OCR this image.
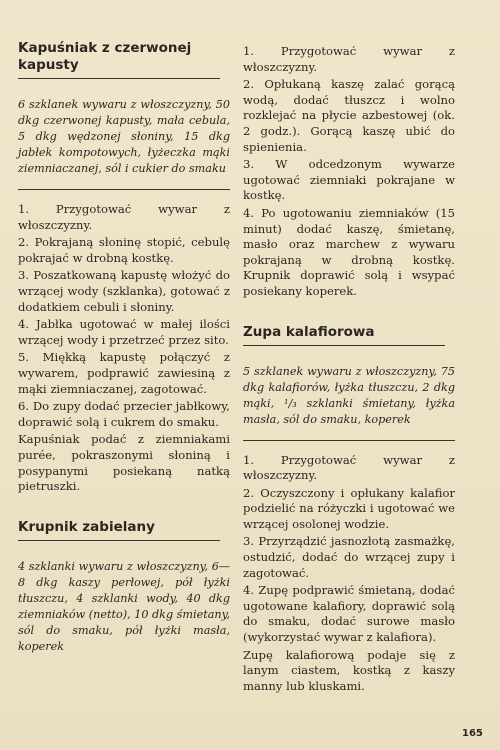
Kapuśniak z czerwonej kapusty

6 szklanek wywaru z włoszczyzny, 50 dkg czerwonej kapusty, mała cebula, 5 dkg wędzonej słoniny, 15 dkg jabłek kompotowych, łyżeczka mąki ziemniaczanej, sól i cukier do smaku

1. Przygotować wywar z włoszczyzny.

2. Pokrajaną słoninę stopić, cebulę pokrajać w drobną kostkę.

3. Poszatkowaną kapustę włożyć do wrzącej wody (szklanka), gotować z dodatkiem cebuli i słoniny.

4. Jabłka ugotować w małej ilości wrzącej wody i przetrzeć przez sito.

5. Miękką kapustę połączyć z wywarem, podprawić zawiesiną z mąki ziemniaczanej, zagotować.

6. Do zupy dodać przecier jabłkowy, doprawić solą i cukrem do smaku.

Kapuśniak podać z ziemniakami purée, pokraszonymi słoniną i posypanymi posiekaną natką pietruszki.

Krupnik zabielany

4 szklanki wywaru z włoszczyzny, 6—8 dkg kaszy perłowej, pół łyżki tłuszczu, 4 szklanki wody, 40 dkg ziemniaków (netto), 10 dkg śmietany, sól do smaku, pół łyżki masła, koperek

1. Przygotować wywar z włoszczyzny.

2. Opłukaną kaszę zalać gorącą wodą, dodać tłuszcz i wolno rozklejać na płycie azbestowej (ok. 2 godz.). Gorącą kaszę ubić do spienienia.

3. W odcedzonym wywarze ugotować ziemniaki pokrajane w kostkę.

4. Po ugotowaniu ziemniaków (15 minut) dodać kaszę, śmietanę, masło oraz marchew z wywaru pokrajaną w drobną kostkę. Krupnik doprawić solą i wsypać posiekany koperek.

Zupa kalafiorowa

5 szklanek wywaru z włoszczyzny, 75 dkg kalafiorów, łyżka tłuszczu, 2 dkg mąki, ¹/₃ szklanki śmietany, łyżka masła, sól do smaku, koperek

1. Przygotować wywar z włoszczyzny.

2. Oczyszczony i opłukany kalafior podzielić na różyczki i ugotować we wrzącej osolonej wodzie.

3. Przyrządzić jasnozłotą zasmażkę, ostudzić, dodać do wrzącej zupy i zagotować.

4. Zupę podprawić śmietaną, dodać ugotowane kalafiory, doprawić solą do smaku, dodać surowe masło (wykorzystać wywar z kalafiora).

Zupę kalafiorową podaje się z lanym ciastem, kostką z kaszy manny lub kluskami.

165
